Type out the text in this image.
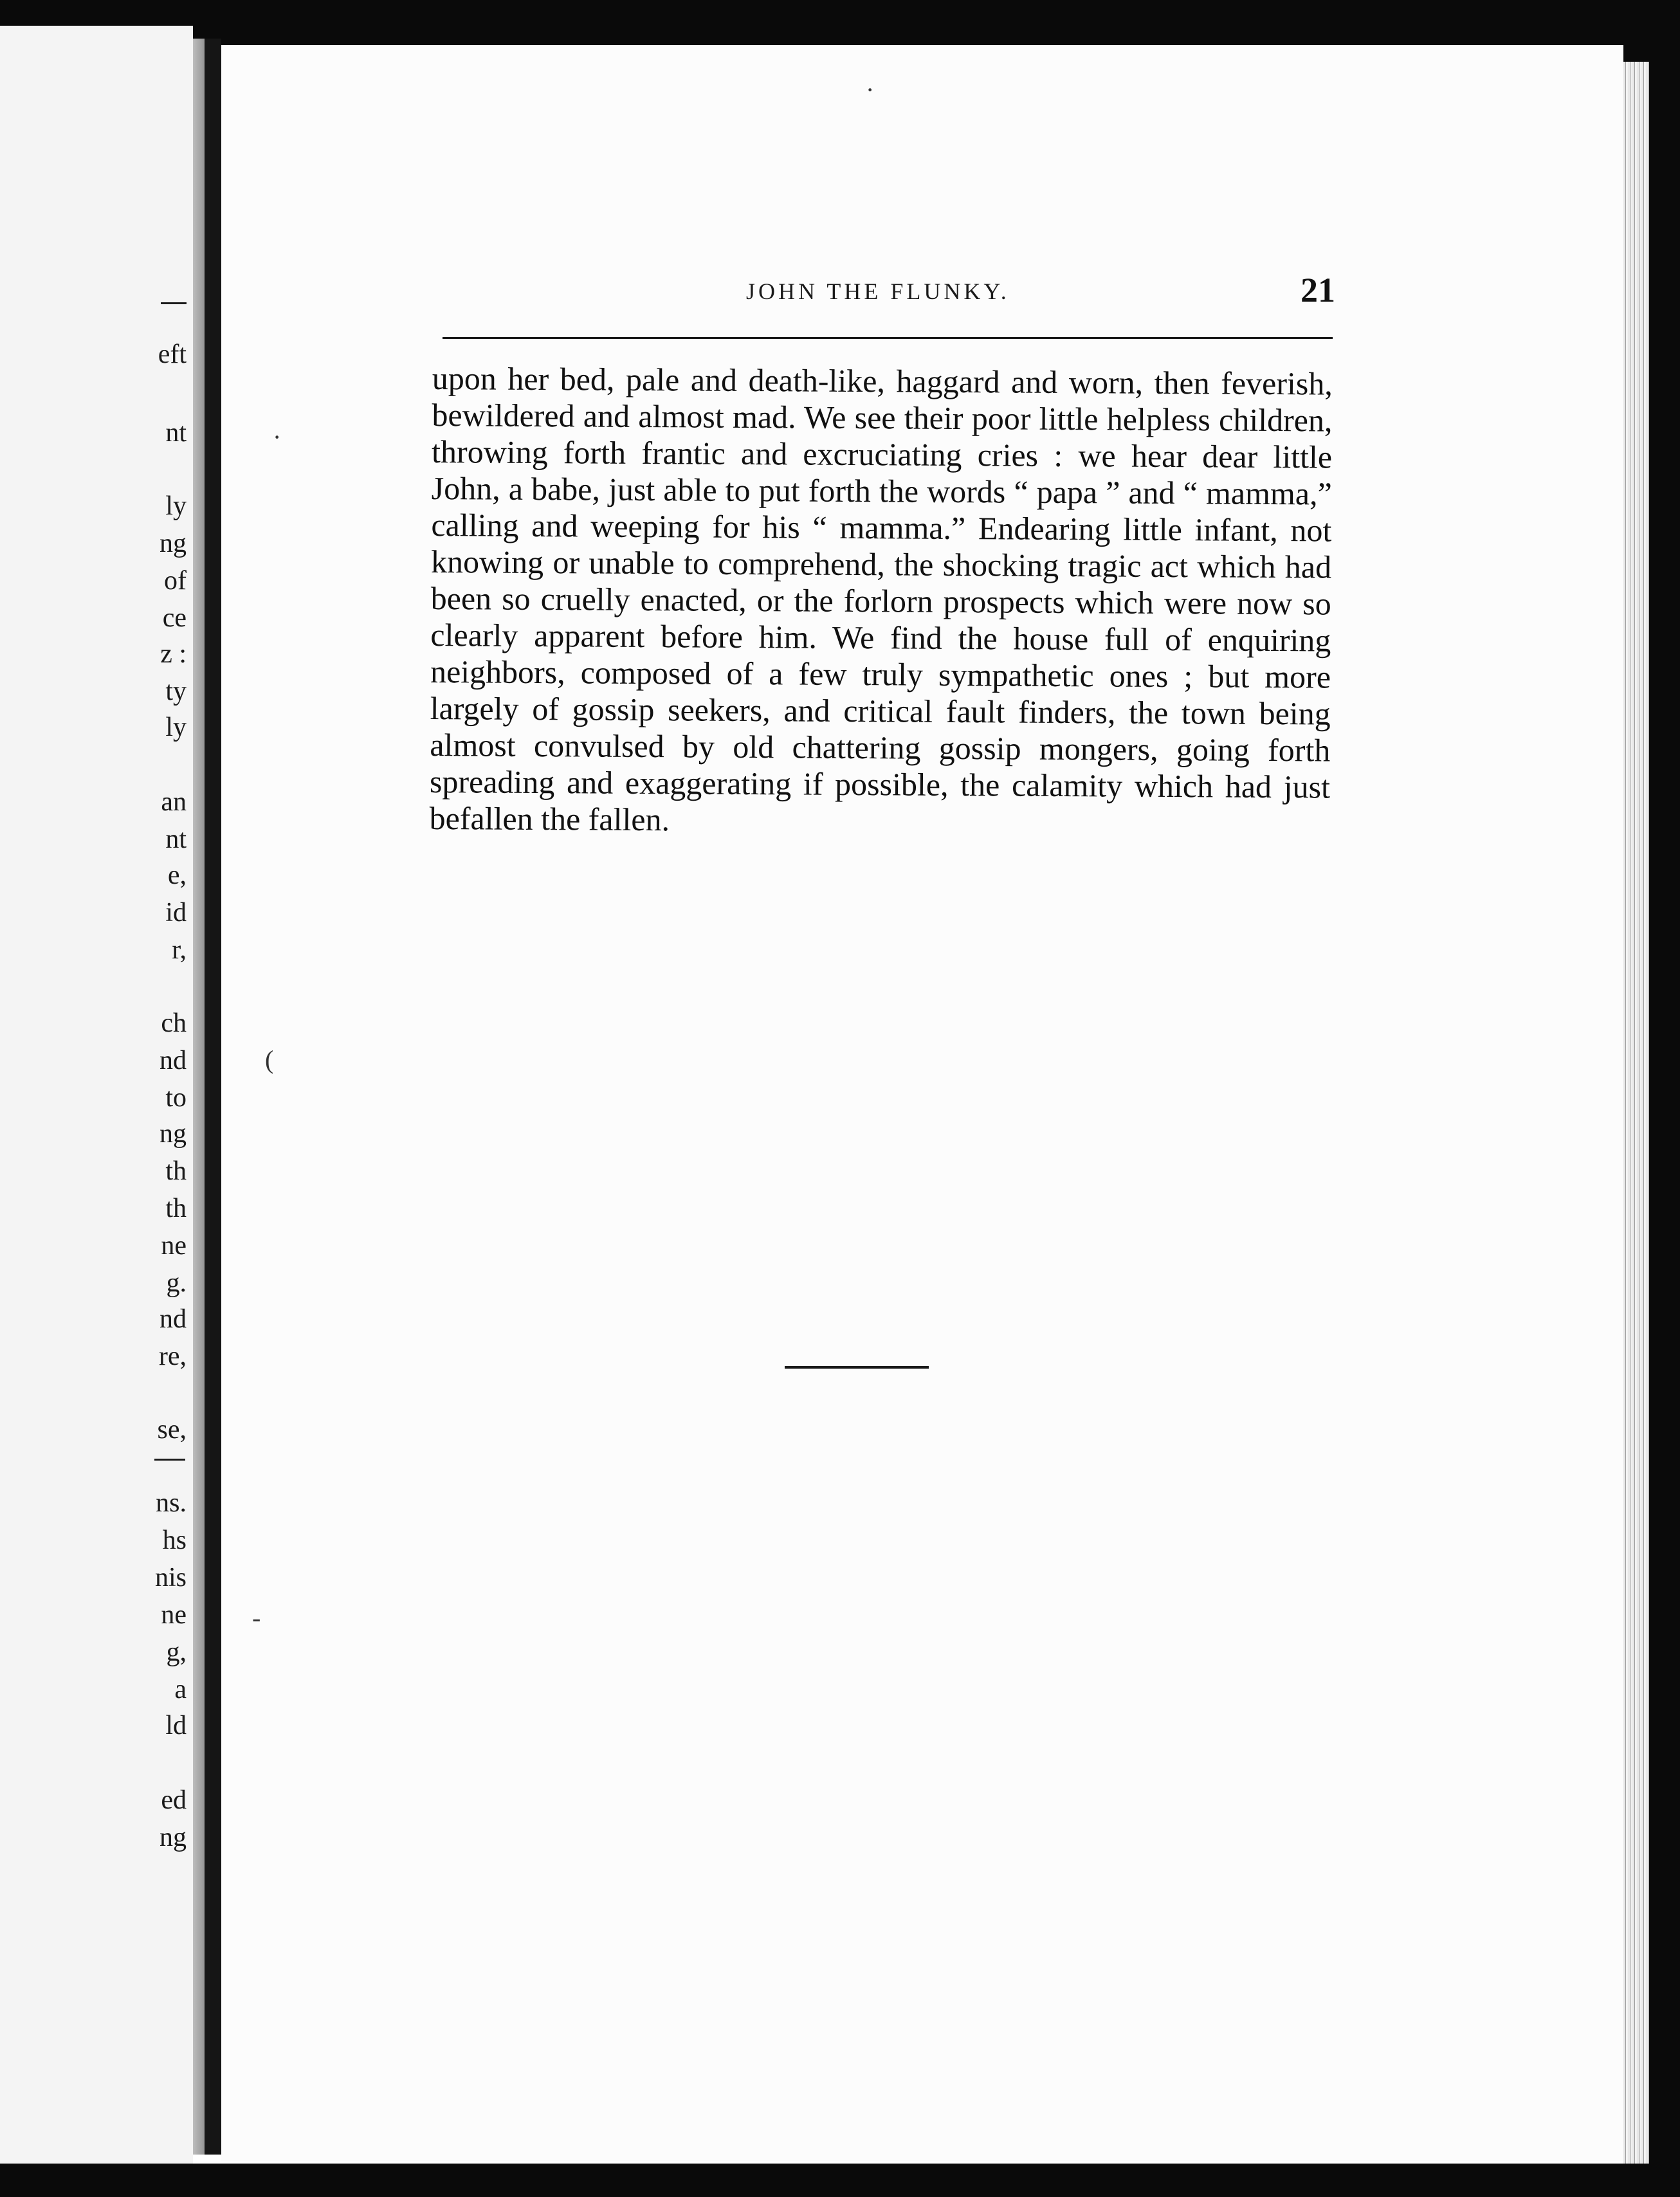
eft
nt
ly
ng
of
ce
z :
ty
ly
an
nt
e,
id
r,
ch
nd
to
ng
th
th
ne
g.
nd
re,
se,
ns.
hs
nis
ne
g,
a
ld
ed
ng
JOHN THE FLUNKY.	21
upon her bed, pale and death-like, haggard and worn, then feverish, bewildered and almost mad. We see their poor little helpless children, throwing forth frantic and excruciating cries : we hear dear little John, a babe, just able to put forth the words “ papa ” and “ mamma,” calling and weeping for his “ mamma.” Endearing little infant, not knowing or unable to comprehend, the shocking tragic act which had been so cruelly enacted, or the forlorn prospects which were now so clearly apparent before him. We find the house full of enquiring neighbors, composed of a few truly sympathetic ones ; but more largely of gossip seekers, and critical fault finders, the town being almost convulsed by old chattering gossip mongers, going forth spreading and exaggerating if possible, the calamity which had just befallen the fallen.
·
(
-
·
